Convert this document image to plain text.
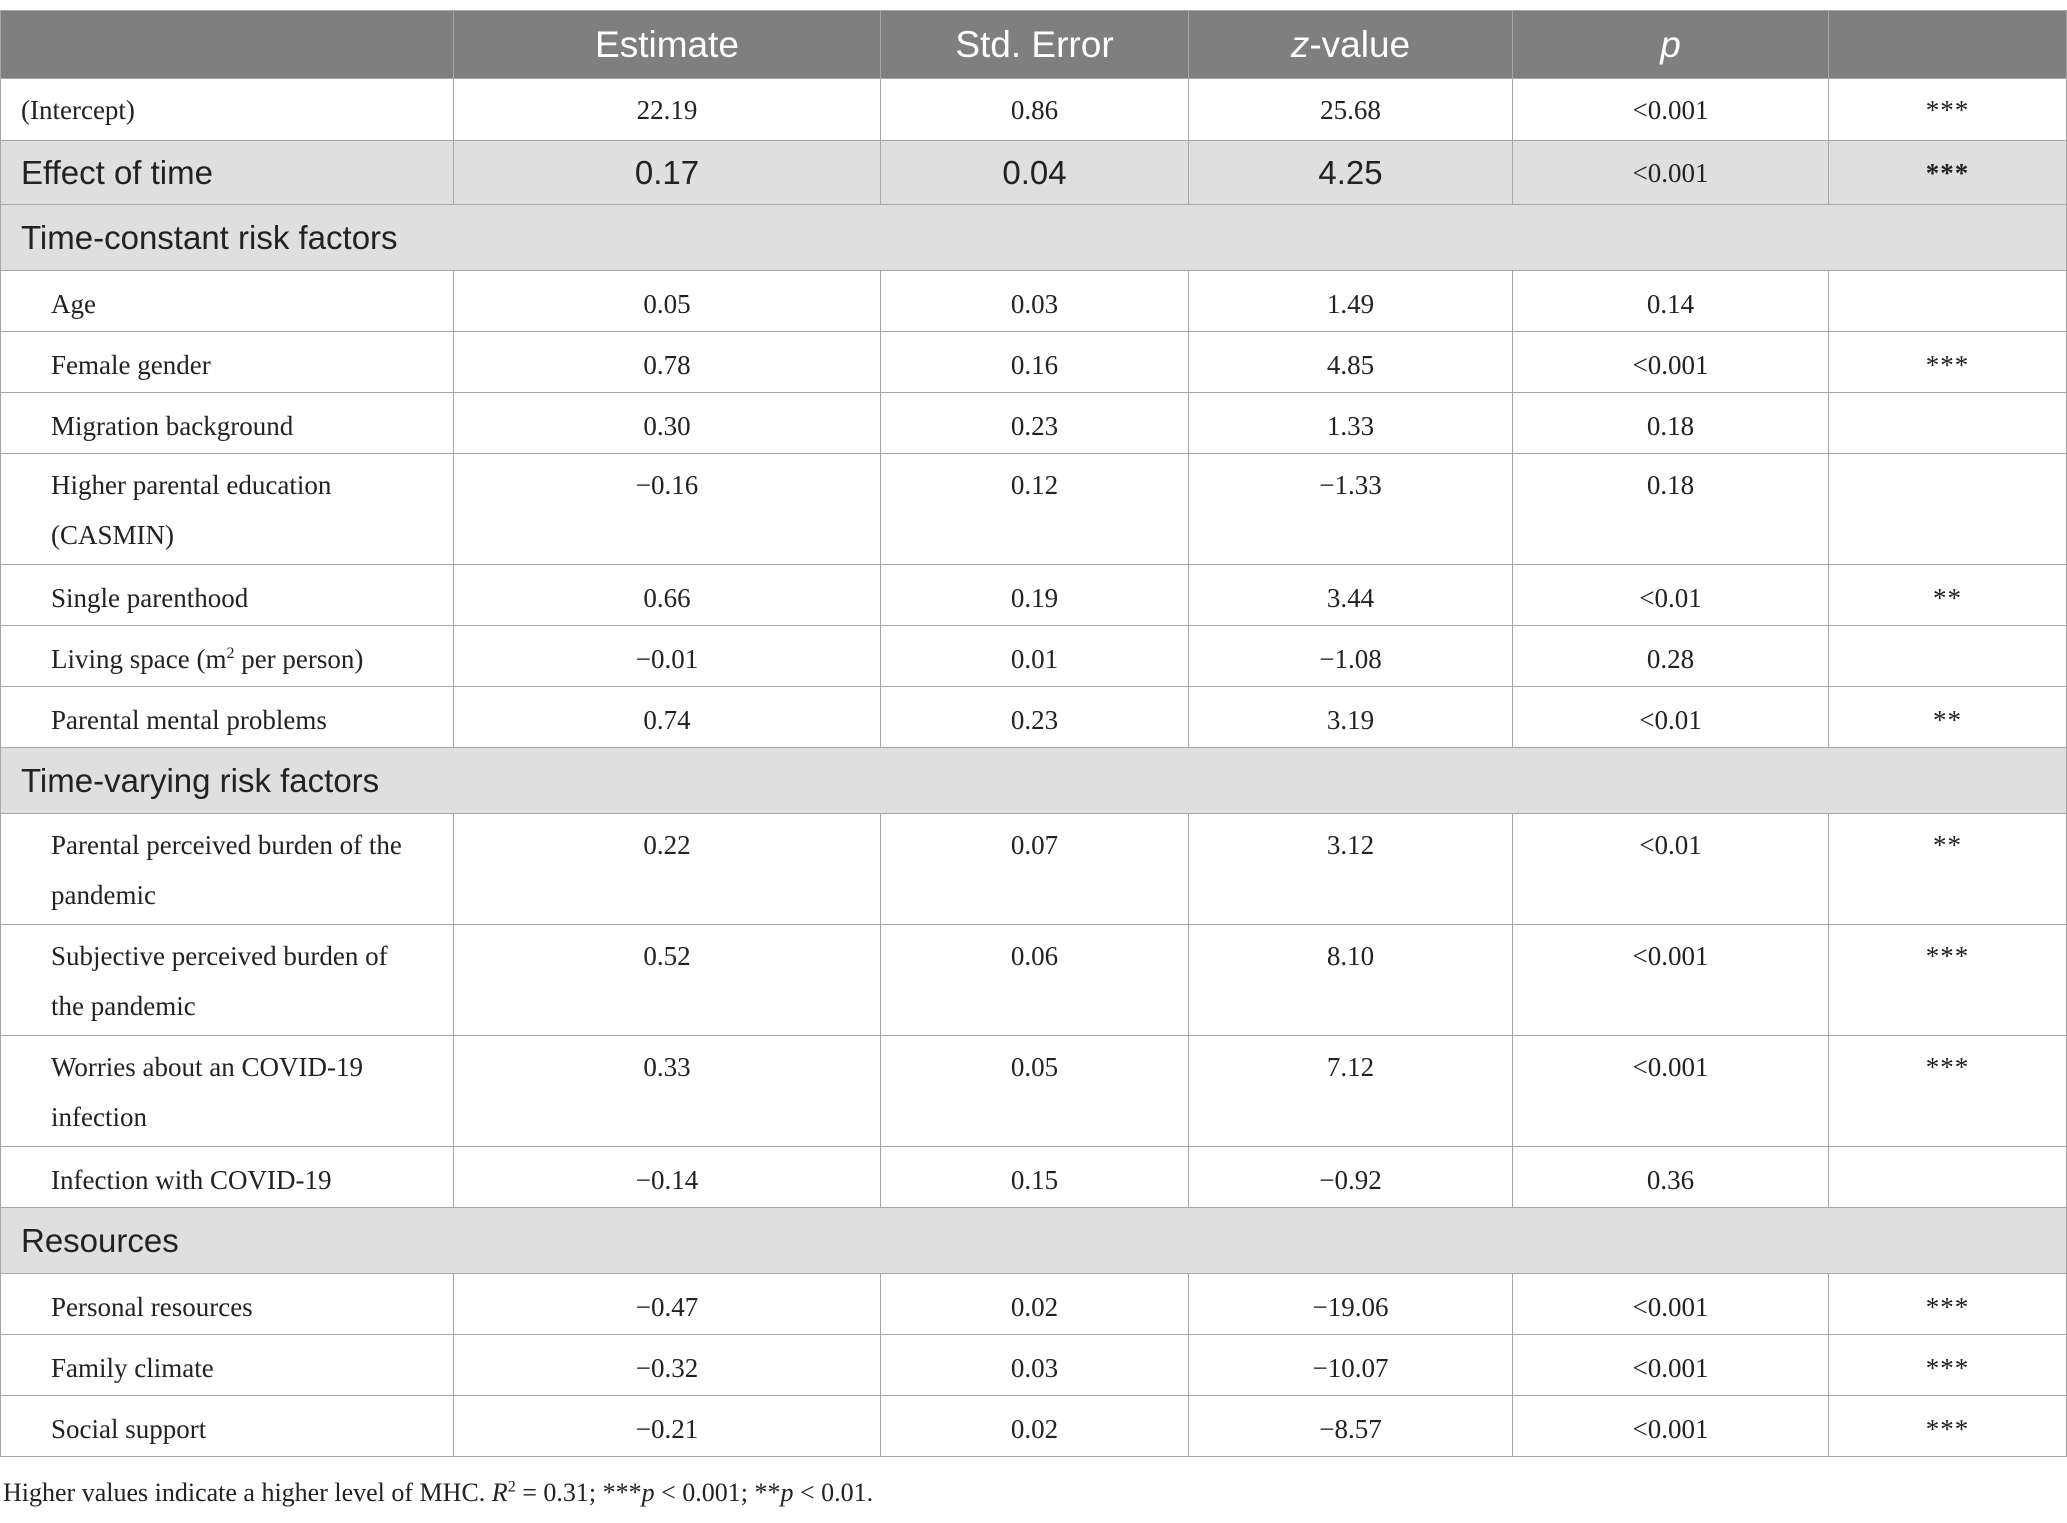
	Estimate	Std. Error	z-value	p	
(Intercept)	22.19	0.86	25.68	<0.001	***
Effect of time	0.17	0.04	4.25	<0.001	***
Time-constant risk factors					
Age	0.05	0.03	1.49	0.14	
Female gender	0.78	0.16	4.85	<0.001	***
Migration background	0.30	0.23	1.33	0.18	
Higher parental education
(CASMIN)	−0.16	0.12	−1.33	0.18	
Single parenthood	0.66	0.19	3.44	<0.01	**
Living space ($m^2$ per person)	−0.01	0.01	−1.08	0.28	
Parental mental problems	0.74	0.23	3.19	<0.01	**
Time-varying risk factors					
Parental perceived burden of the
pandemic	0.22	0.07	3.12	<0.01	**
Subjective perceived burden of
the pandemic	0.52	0.06	8.10	<0.001	***
Worries about an COVID-19
infection	0.33	0.05	7.12	<0.001	***
Infection with COVID-19	−0.14	0.15	−0.92	0.36	
Resources					
Personal resources	−0.47	0.02	−19.06	<0.001	***
Family climate	−0.32	0.03	−10.07	<0.001	***
Social support	−0.21	0.02	−8.57	<0.001	***
Higher values indicate a higher level of MHC. $R^2 = 0.31$; ***p < 0.001; **p < 0.01.
